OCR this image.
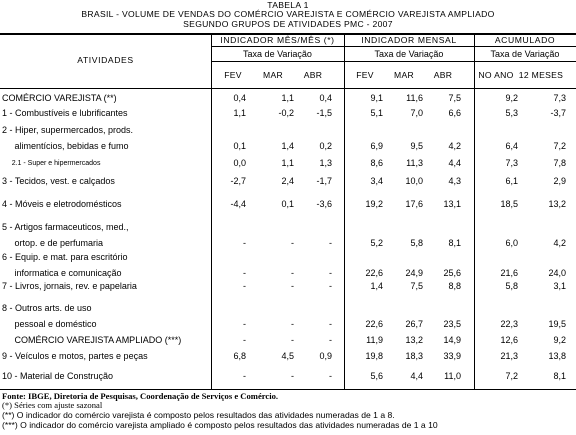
TABELA 1
BRASIL - VOLUME DE VENDAS DO COMÉRCIO VAREJISTA E COMÉRCIO VAREJISTA AMPLIADO
SEGUNDO GRUPOS DE ATIVIDADES PMC - 2007
ATIVIDADES
INDICADOR MÊS/MÊS (*)
Taxa de Variação
INDICADOR MENSAL
Taxa de Variação
ACUMULADO
Taxa de Variação
FEV	MAR	ABR	FEV	MAR	ABR	NO ANO 12 MESES
COMÉRCIO VAREJISTA (**)	0,4	1,1	0,4	9,1	11,6	7,5	9,2	7,3
1 - Combustíveis e lubrificantes	1,1	-0,2	-1,5	5,1	7,0	6,6	5,3	-3,7
2 - Hiper, supermercados, prods.
alimentícios, bebidas e fumo	0,1	1,4	0,2	6,9	9,5	4,2	6,4	7,2
2.1 - Super e hipermercados	0,0	1,1	1,3	8,6	11,3	4,4	7,3	7,8
3 - Tecidos, vest. e calçados	-2,7	2,4	-1,7	3,4	10,0	4,3	6,1	2,9
4 - Móveis e eletrodomésticos	-4,4	0,1	-3,6	19,2	17,6	13,1	18,5	13,2
5 - Artigos farmaceuticos, med.,
ortop. e de perfumaria	-	-	-	5,2	5,8	8,1	6,0	4,2
6 - Equip. e mat. para escritório
informatica e comunicação	-	-	-	22,6	24,9	25,6	21,6	24,0
7 - Livros, jornais, rev. e papelaria	-	-	-	1,4	7,5	8,8	5,8	3,1
8 - Outros arts. de uso
pessoal e doméstico	-	-	-	22,6	26,7	23,5	22,3	19,5
COMÉRCIO VAREJISTA AMPLIADO (***)	-	-	-	11,9	13,2	14,9	12,6	9,2
9 - Veículos e motos, partes e peças	6,8	4,5	0,9	19,8	18,3	33,9	21,3	13,8
10 - Material de Construção	-	-	-	5,6	4,4	11,0	7,2	8,1
Fonte: IBGE, Diretoria de Pesquisas, Coordenação de Serviços e Comércio.
(*) Séries com ajuste sazonal
(**) O indicador do comércio varejista é composto pelos resultados das atividades numeradas de 1 a 8.
(***) O indicador do comércio varejista ampliado é composto pelos resultados das atividades numeradas de 1 a 10
